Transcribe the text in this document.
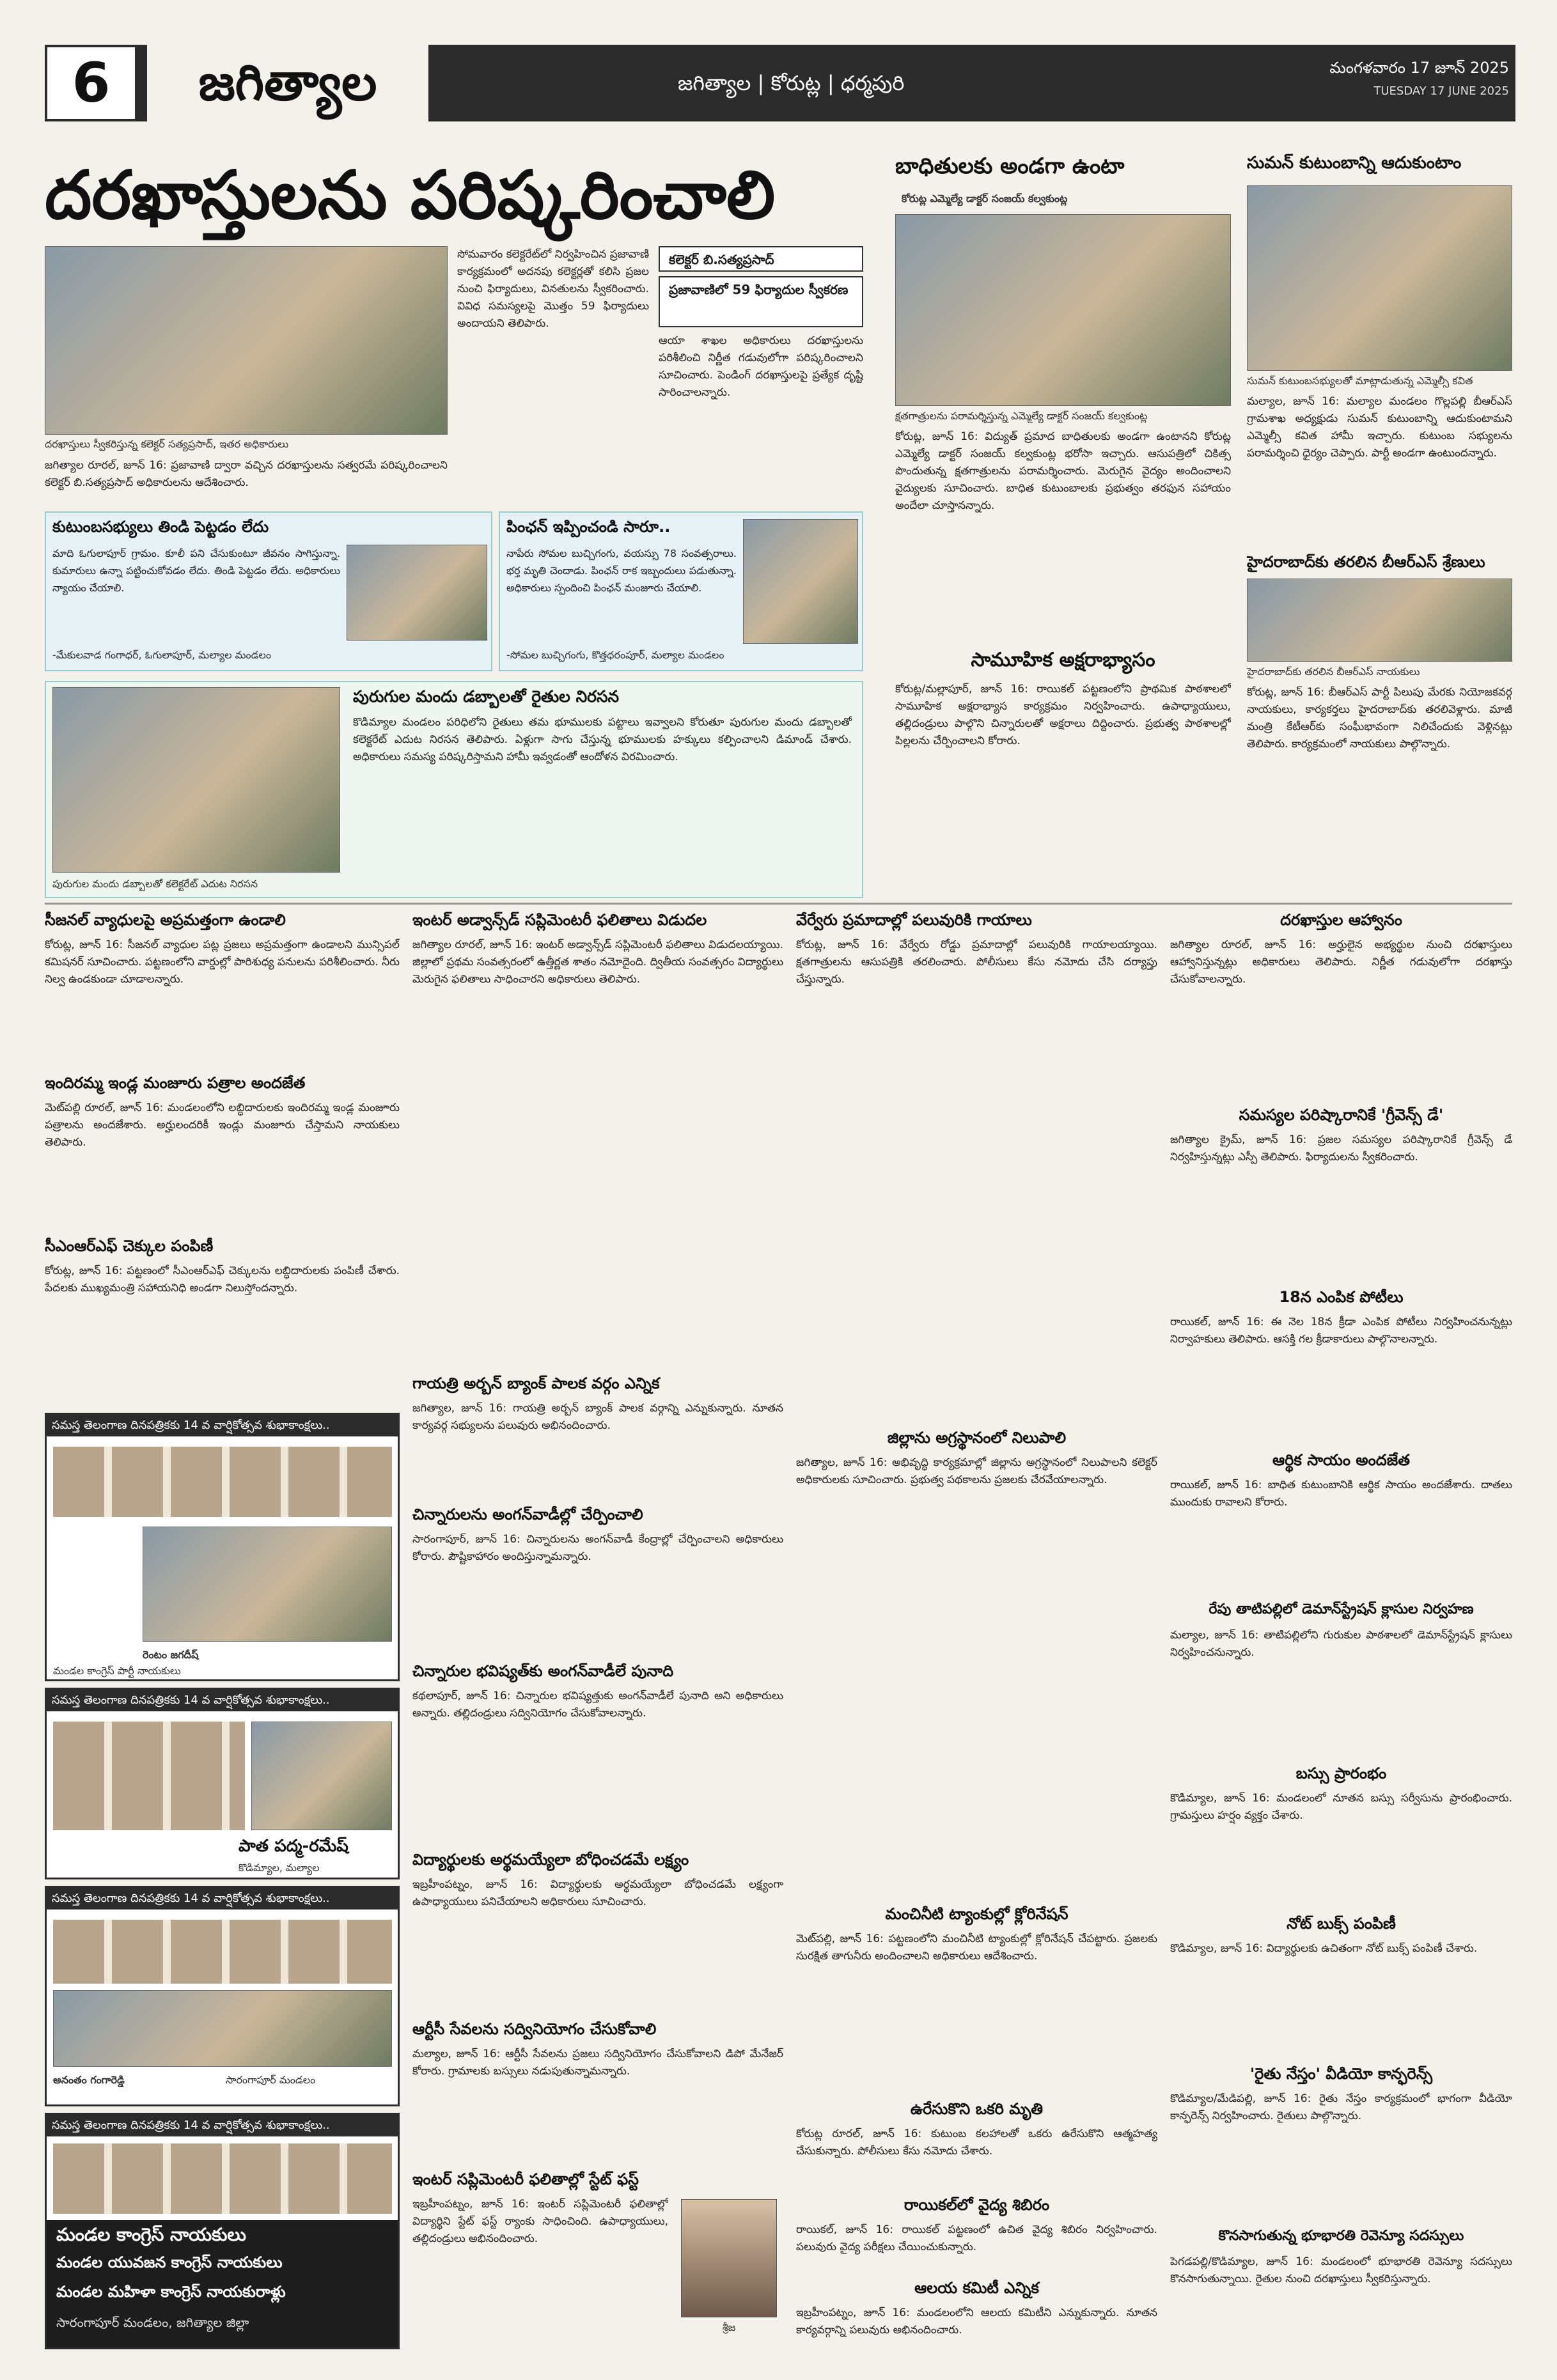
6	జగిత్యాల	జగిత్యాల | కోరుట్ల | ధర్మపురి
మంగళవారం 17 జూన్ 2025
TUESDAY 17 JUNE 2025
దరఖాస్తులను పరిష్కరించాలి
దరఖాస్తులు స్వీకరిస్తున్న కలెక్టర్ సత్యప్రసాద్, ఇతర అధికారులు
జగిత్యాల రూరల్, జూన్ 16: ప్రజావాణి ద్వారా వచ్చిన దరఖాస్తులను సత్వరమే పరిష్కరించాలని కలెక్టర్ బి.సత్యప్రసాద్ అధికారులను ఆదేశించారు.
సోమవారం కలెక్టరేట్‌లో నిర్వహించిన ప్రజావాణి కార్యక్రమంలో అదనపు కలెక్టర్లతో కలిసి ప్రజల నుంచి ఫిర్యాదులు, వినతులను స్వీకరించారు. వివిధ సమస్యలపై మొత్తం 59 ఫిర్యాదులు అందాయని తెలిపారు.
కలెక్టర్ బి.సత్యప్రసాద్
ప్రజావాణిలో 59 ఫిర్యాదుల స్వీకరణ
ఆయా శాఖల అధికారులు దరఖాస్తులను పరిశీలించి నిర్ణీత గడువులోగా పరిష్కరించాలని సూచించారు. పెండింగ్ దరఖాస్తులపై ప్రత్యేక దృష్టి సారించాలన్నారు.
కుటుంబసభ్యులు తిండి పెట్టడం లేదు
మాది ఓగులాపూర్ గ్రామం. కూలీ పని చేసుకుంటూ జీవనం సాగిస్తున్నా. కుమారులు ఉన్నా పట్టించుకోవడం లేదు. తిండి పెట్టడం లేదు. అధికారులు న్యాయం చేయాలి.
-మేకులవాడ గంగాధర్, ఓగులాపూర్, మల్యాల మండలం
పింఛన్ ఇప్పించండి సారూ..
నాపేరు సోమల బుచ్చిగంగు, వయస్సు 78 సంవత్సరాలు. భర్త మృతి చెందాడు. పింఛన్ రాక ఇబ్బందులు పడుతున్నా. అధికారులు స్పందించి పింఛన్ మంజూరు చేయాలి.
-సోమల బుచ్చిగంగు, కొత్తధరంపూర్, మల్యాల మండలం
పురుగుల మందు డబ్బాలతో రైతుల నిరసన
పురుగుల మందు డబ్బాలతో కలెక్టరేట్ ఎదుట నిరసన
కొడిమ్యాల మండలం పరిధిలోని రైతులు తమ భూములకు పట్టాలు ఇవ్వాలని కోరుతూ పురుగుల మందు డబ్బాలతో కలెక్టరేట్ ఎదుట నిరసన తెలిపారు. ఏళ్లుగా సాగు చేస్తున్న భూములకు హక్కులు కల్పించాలని డిమాండ్ చేశారు. అధికారులు సమస్య పరిష్కరిస్తామని హామీ ఇవ్వడంతో ఆందోళన విరమించారు.
బాధితులకు అండగా ఉంటా
కోరుట్ల ఎమ్మెల్యే డాక్టర్ సంజయ్ కల్వకుంట్ల
క్షతగాత్రులను పరామర్శిస్తున్న ఎమ్మెల్యే డాక్టర్ సంజయ్ కల్వకుంట్ల
కోరుట్ల, జూన్ 16: విద్యుత్ ప్రమాద బాధితులకు అండగా ఉంటానని కోరుట్ల ఎమ్మెల్యే డాక్టర్ సంజయ్ కల్వకుంట్ల భరోసా ఇచ్చారు. ఆసుపత్రిలో చికిత్స పొందుతున్న క్షతగాత్రులను పరామర్శించారు. మెరుగైన వైద్యం అందించాలని వైద్యులకు సూచించారు. బాధిత కుటుంబాలకు ప్రభుత్వం తరఫున సహాయం అందేలా చూస్తానన్నారు.
సామూహిక అక్షరాభ్యాసం
కోరుట్ల/మల్లాపూర్, జూన్ 16: రాయికల్ పట్టణంలోని ప్రాథమిక పాఠశాలలో సామూహిక అక్షరాభ్యాస కార్యక్రమం నిర్వహించారు. ఉపాధ్యాయులు, తల్లిదండ్రులు పాల్గొని చిన్నారులతో అక్షరాలు దిద్దించారు. ప్రభుత్వ పాఠశాలల్లో పిల్లలను చేర్పించాలని కోరారు.
సుమన్ కుటుంబాన్ని ఆదుకుంటాం
సుమన్ కుటుంబసభ్యులతో మాట్లాడుతున్న ఎమ్మెల్సీ కవిత
మల్యాల, జూన్ 16: మల్యాల మండలం గొల్లపల్లి బీఆర్ఎస్ గ్రామశాఖ అధ్యక్షుడు సుమన్ కుటుంబాన్ని ఆదుకుంటామని ఎమ్మెల్సీ కవిత హామీ ఇచ్చారు. కుటుంబ సభ్యులను పరామర్శించి ధైర్యం చెప్పారు. పార్టీ అండగా ఉంటుందన్నారు.
హైదరాబాద్‌కు తరలిన బీఆర్ఎస్ శ్రేణులు
హైదరాబాద్‌కు తరలిన బీఆర్ఎస్ నాయకులు
కోరుట్ల, జూన్ 16: బీఆర్ఎస్ పార్టీ పిలుపు మేరకు నియోజకవర్గ నాయకులు, కార్యకర్తలు హైదరాబాద్‌కు తరలివెళ్లారు. మాజీ మంత్రి కేటీఆర్‌కు సంఘీభావంగా నిలిచేందుకు వెళ్లినట్లు తెలిపారు. కార్యక్రమంలో నాయకులు పాల్గొన్నారు.
సీజనల్ వ్యాధులపై అప్రమత్తంగా ఉండాలి
కోరుట్ల, జూన్ 16: సీజనల్ వ్యాధుల పట్ల ప్రజలు అప్రమత్తంగా ఉండాలని మున్సిపల్ కమిషనర్ సూచించారు. పట్టణంలోని వార్డుల్లో పారిశుధ్య పనులను పరిశీలించారు. నీరు నిల్వ ఉండకుండా చూడాలన్నారు.
ఇందిరమ్మ ఇండ్ల మంజూరు పత్రాల అందజేత
మెట్‌పల్లి రూరల్, జూన్ 16: మండలంలోని లబ్ధిదారులకు ఇందిరమ్మ ఇండ్ల మంజూరు పత్రాలను అందజేశారు. అర్హులందరికీ ఇండ్లు మంజూరు చేస్తామని నాయకులు తెలిపారు.
సీఎంఆర్ఎఫ్ చెక్కుల పంపిణీ
కోరుట్ల, జూన్ 16: పట్టణంలో సీఎంఆర్ఎఫ్ చెక్కులను లబ్ధిదారులకు పంపిణీ చేశారు. పేదలకు ముఖ్యమంత్రి సహాయనిధి అండగా నిలుస్తోందన్నారు.
సమస్త తెలంగాణ దినపత్రికకు 14 వ వార్షికోత్సవ శుభాకాంక్షలు..
రెంటం జగదీష్
మండల కాంగ్రెస్ పార్టీ నాయకులు
సమస్త తెలంగాణ దినపత్రికకు 14 వ వార్షికోత్సవ శుభాకాంక్షలు..
పాత పద్మ-రమేష్
కొడిమ్యాల, మల్యాల
సమస్త తెలంగాణ దినపత్రికకు 14 వ వార్షికోత్సవ శుభాకాంక్షలు..
అనంతం గంగారెడ్డి	సారంగాపూర్ మండలం
సమస్త తెలంగాణ దినపత్రికకు 14 వ వార్షికోత్సవ శుభాకాంక్షలు..
మండల కాంగ్రెస్ నాయకులు
మండల యువజన కాంగ్రెస్ నాయకులు
మండల మహిళా కాంగ్రెస్ నాయకురాళ్లు
సారంగాపూర్ మండలం, జగిత్యాల జిల్లా
ఇంటర్ అడ్వాన్స్‌డ్ సప్లిమెంటరీ ఫలితాలు విడుదల
జగిత్యాల రూరల్, జూన్ 16: ఇంటర్ అడ్వాన్స్‌డ్ సప్లిమెంటరీ ఫలితాలు విడుదలయ్యాయి. జిల్లాలో ప్రథమ సంవత్సరంలో ఉత్తీర్ణత శాతం నమోదైంది. ద్వితీయ సంవత్సరం విద్యార్థులు మెరుగైన ఫలితాలు సాధించారని అధికారులు తెలిపారు.
గాయత్రి అర్బన్ బ్యాంక్ పాలక వర్గం ఎన్నిక
జగిత్యాల, జూన్ 16: గాయత్రి అర్బన్ బ్యాంక్ పాలక వర్గాన్ని ఎన్నుకున్నారు. నూతన కార్యవర్గ సభ్యులను పలువురు అభినందించారు.
చిన్నారులను అంగన్‌వాడీల్లో చేర్పించాలి
సారంగాపూర్, జూన్ 16: చిన్నారులను అంగన్‌వాడీ కేంద్రాల్లో చేర్పించాలని అధికారులు కోరారు. పౌష్టికాహారం అందిస్తున్నామన్నారు.
చిన్నారుల భవిష్యత్‌కు అంగన్‌వాడీలే పునాది
కథలాపూర్, జూన్ 16: చిన్నారుల భవిష్యత్తుకు అంగన్‌వాడీలే పునాది అని అధికారులు అన్నారు. తల్లిదండ్రులు సద్వినియోగం చేసుకోవాలన్నారు.
విద్యార్థులకు అర్థమయ్యేలా బోధించడమే లక్ష్యం
ఇబ్రహీంపట్నం, జూన్ 16: విద్యార్థులకు అర్థమయ్యేలా బోధించడమే లక్ష్యంగా ఉపాధ్యాయులు పనిచేయాలని అధికారులు సూచించారు.
ఆర్టీసీ సేవలను సద్వినియోగం చేసుకోవాలి
మల్యాల, జూన్ 16: ఆర్టీసీ సేవలను ప్రజలు సద్వినియోగం చేసుకోవాలని డిపో మేనేజర్ కోరారు. గ్రామాలకు బస్సులు నడుపుతున్నామన్నారు.
ఇంటర్ సప్లిమెంటరీ ఫలితాల్లో స్టేట్ ఫస్ట్
ఇబ్రహీంపట్నం, జూన్ 16: ఇంటర్ సప్లిమెంటరీ ఫలితాల్లో విద్యార్థిని స్టేట్ ఫస్ట్ ర్యాంకు సాధించింది. ఉపాధ్యాయులు, తల్లిదండ్రులు అభినందించారు.
శ్రీజ
వేర్వేరు ప్రమాదాల్లో పలువురికి గాయాలు
కోరుట్ల, జూన్ 16: వేర్వేరు రోడ్డు ప్రమాదాల్లో పలువురికి గాయాలయ్యాయి. క్షతగాత్రులను ఆసుపత్రికి తరలించారు. పోలీసులు కేసు నమోదు చేసి దర్యాప్తు చేస్తున్నారు.
జిల్లాను అగ్రస్థానంలో నిలుపాలి
జగిత్యాల, జూన్ 16: అభివృద్ధి కార్యక్రమాల్లో జిల్లాను అగ్రస్థానంలో నిలుపాలని కలెక్టర్ అధికారులకు సూచించారు. ప్రభుత్వ పథకాలను ప్రజలకు చేరవేయాలన్నారు.
మంచినీటి ట్యాంకుల్లో క్లోరినేషన్
మెట్‌పల్లి, జూన్ 16: పట్టణంలోని మంచినీటి ట్యాంకుల్లో క్లోరినేషన్ చేపట్టారు. ప్రజలకు సురక్షిత తాగునీరు అందించాలని అధికారులు ఆదేశించారు.
ఉరేసుకొని ఒకరి మృతి
కోరుట్ల రూరల్, జూన్ 16: కుటుంబ కలహాలతో ఒకరు ఉరేసుకొని ఆత్మహత్య చేసుకున్నారు. పోలీసులు కేసు నమోదు చేశారు.
రాయికల్‌లో వైద్య శిబిరం
రాయికల్, జూన్ 16: రాయికల్ పట్టణంలో ఉచిత వైద్య శిబిరం నిర్వహించారు. పలువురు వైద్య పరీక్షలు చేయించుకున్నారు.
ఆలయ కమిటీ ఎన్నిక
ఇబ్రహీంపట్నం, జూన్ 16: మండలంలోని ఆలయ కమిటీని ఎన్నుకున్నారు. నూతన కార్యవర్గాన్ని పలువురు అభినందించారు.
దరఖాస్తుల ఆహ్వానం
జగిత్యాల రూరల్, జూన్ 16: అర్హులైన అభ్యర్థుల నుంచి దరఖాస్తులు ఆహ్వానిస్తున్నట్లు అధికారులు తెలిపారు. నిర్ణీత గడువులోగా దరఖాస్తు చేసుకోవాలన్నారు.
సమస్యల పరిష్కారానికే 'గ్రీవెన్స్ డే'
జగిత్యాల క్రైమ్, జూన్ 16: ప్రజల సమస్యల పరిష్కారానికే గ్రీవెన్స్ డే నిర్వహిస్తున్నట్లు ఎస్పీ తెలిపారు. ఫిర్యాదులను స్వీకరించారు.
18న ఎంపిక పోటీలు
రాయికల్, జూన్ 16: ఈ నెల 18న క్రీడా ఎంపిక పోటీలు నిర్వహించనున్నట్లు నిర్వాహకులు తెలిపారు. ఆసక్తి గల క్రీడాకారులు పాల్గొనాలన్నారు.
ఆర్థిక సాయం అందజేత
రాయికల్, జూన్ 16: బాధిత కుటుంబానికి ఆర్థిక సాయం అందజేశారు. దాతలు ముందుకు రావాలని కోరారు.
రేపు తాటిపల్లిలో డెమాన్‌స్ట్రేషన్ క్లాసుల నిర్వహణ
మల్యాల, జూన్ 16: తాటిపల్లిలోని గురుకుల పాఠశాలలో డెమాన్‌స్ట్రేషన్ క్లాసులు నిర్వహించనున్నారు.
బస్సు ప్రారంభం
కొడిమ్యాల, జూన్ 16: మండలంలో నూతన బస్సు సర్వీసును ప్రారంభించారు. గ్రామస్తులు హర్షం వ్యక్తం చేశారు.
నోట్ బుక్స్ పంపిణీ
కొడిమ్యాల, జూన్ 16: విద్యార్థులకు ఉచితంగా నోట్ బుక్స్ పంపిణీ చేశారు.
'రైతు నేస్తం' వీడియో కాన్ఫరెన్స్
కొడిమ్యాల/మేడిపల్లి, జూన్ 16: రైతు నేస్తం కార్యక్రమంలో భాగంగా వీడియో కాన్ఫరెన్స్ నిర్వహించారు. రైతులు పాల్గొన్నారు.
కొనసాగుతున్న భూభారతి రెవెన్యూ సదస్సులు
పెగడపల్లి/కొడిమ్యాల, జూన్ 16: మండలంలో భూభారతి రెవెన్యూ సదస్సులు కొనసాగుతున్నాయి. రైతుల నుంచి దరఖాస్తులు స్వీకరిస్తున్నారు.
